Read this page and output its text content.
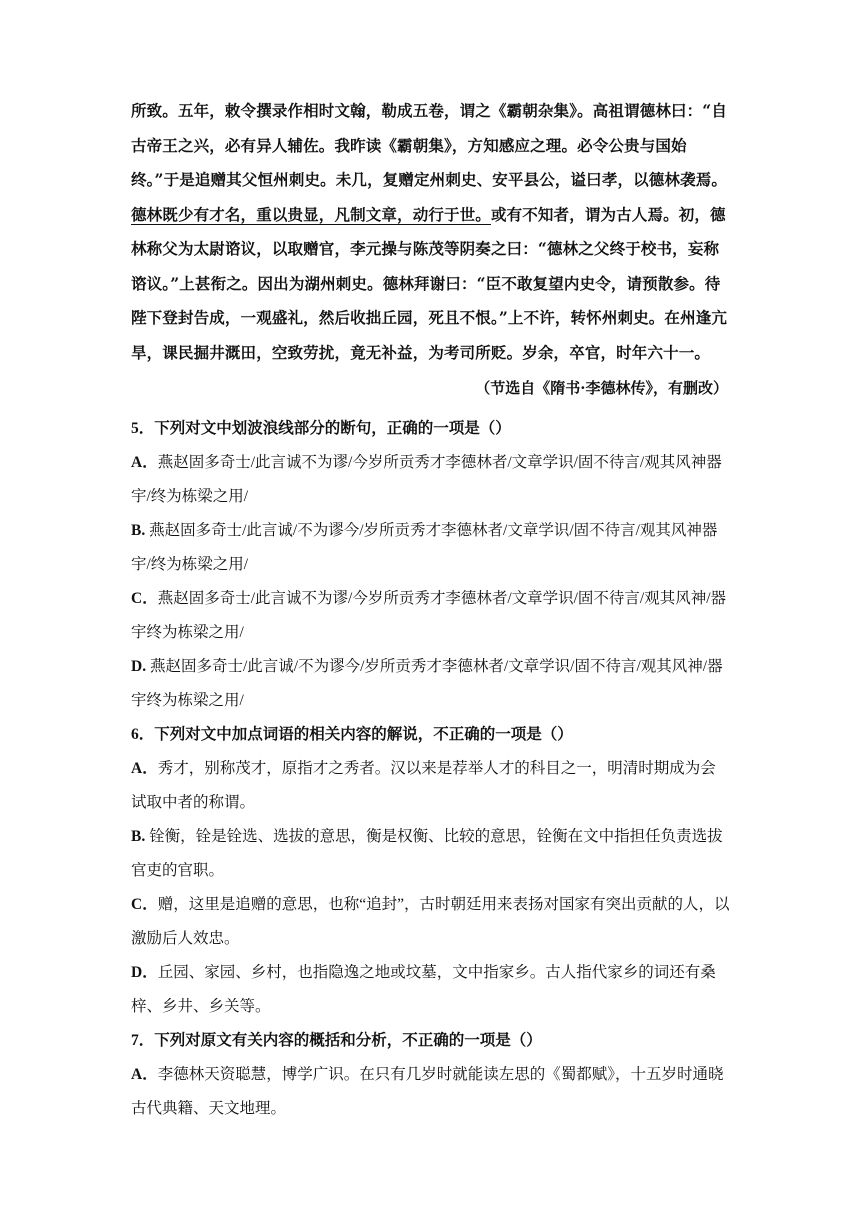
所致。五年，敕令撰录作相时文翰，勒成五卷，谓之《霸朝杂集》。高祖谓德林曰：“自古帝王之兴，必有异人辅佐。我昨读《霸朝集》，方知感应之理。必令公贵与国始终。”于是追赠其父恒州刺史。未几，复赠定州刺史、安平县公，谥曰孝，以德林袭焉。德林既少有才名，重以贵显，凡制文章，动行于世。或有不知者，谓为古人焉。初，德林称父为太尉谘议，以取赠官，李元操与陈茂等阴奏之曰：“德林之父终于校书，妄称谘议。”上甚衔之。因出为湖州刺史。德林拜谢曰：“臣不敢复望内史令，请预散参。待陛下登封告成，一观盛礼，然后收拙丘园，死且不恨。”上不许，转怀州刺史。在州逢亢旱，课民掘井溉田，空致劳扰，竟无补益，为考司所贬。岁余，卒官，时年六十一。

（节选自《隋书·李德林传》，有删改）

5．下列对文中划波浪线部分的断句，正确的一项是（）

A．燕赵固多奇士/此言诚不为谬/今岁所贡秀才李德林者/文章学识/固不待言/观其风神器宇/终为栋梁之用/

B. 燕赵固多奇士/此言诚/不为谬今/岁所贡秀才李德林者/文章学识/固不待言/观其风神器宇/终为栋梁之用/

C．燕赵固多奇士/此言诚不为谬/今岁所贡秀才李德林者/文章学识/固不待言/观其风神/器宇终为栋梁之用/

D. 燕赵固多奇士/此言诚/不为谬今/岁所贡秀才李德林者/文章学识/固不待言/观其风神/器宇终为栋梁之用/

6．下列对文中加点词语的相关内容的解说，不正确的一项是（）

A．秀才，别称茂才，原指才之秀者。汉以来是荐举人才的科目之一，明清时期成为会试取中者的称谓。

B. 铨衡，铨是铨选、选拔的意思，衡是权衡、比较的意思，铨衡在文中指担任负责选拔官吏的官职。

C．赠，这里是追赠的意思，也称“追封”，古时朝廷用来表扬对国家有突出贡献的人，以激励后人效忠。

D．丘园、家园、乡村，也指隐逸之地或坟墓，文中指家乡。古人指代家乡的词还有桑梓、乡井、乡关等。

7．下列对原文有关内容的概括和分析，不正确的一项是（）

A．李德林天资聪慧，博学广识。在只有几岁时就能读左思的《蜀都赋》，十五岁时通晓古代典籍、天文地理。
